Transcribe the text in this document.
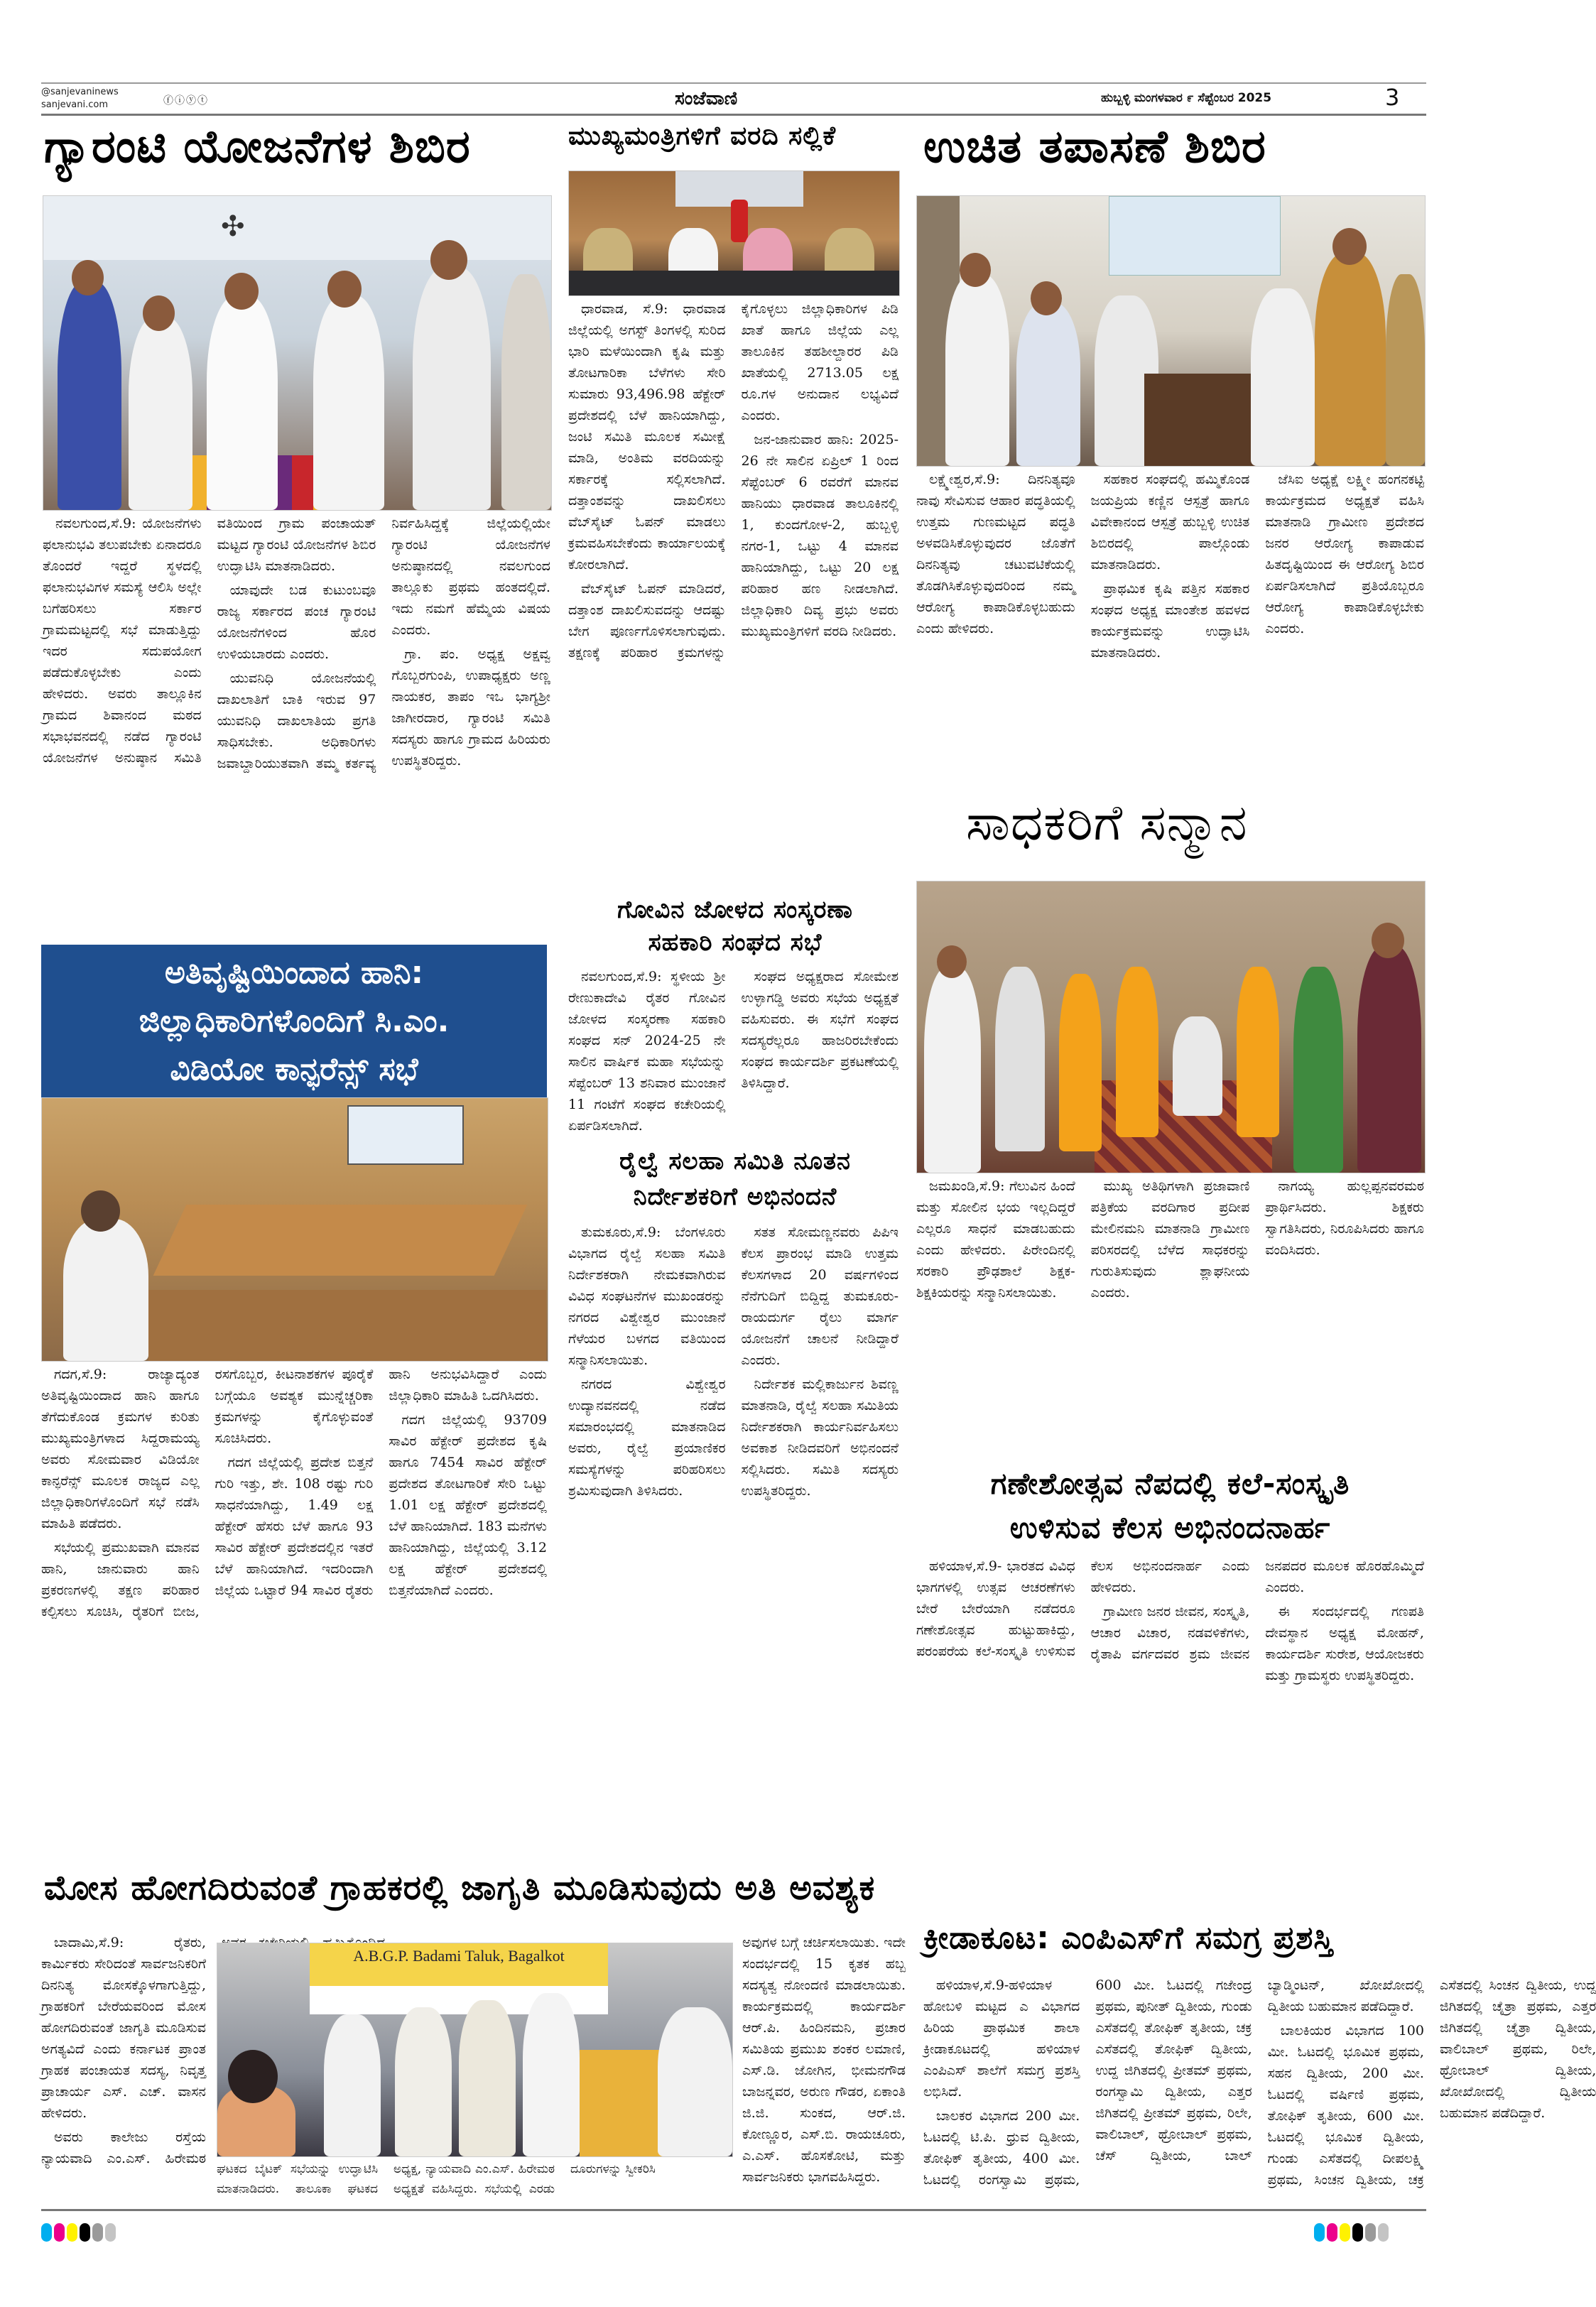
@sanjevaninews
sanjevani.com	ⓕⓘⓨⓣ	ಸಂಜೆವಾಣಿ	ಹುಬ್ಬಳ್ಳಿ ಮಂಗಳವಾರ ೯ ಸೆಪ್ಟೆಂಬರ 2025	3
ಗ್ಯಾರಂಟಿ ಯೋಜನೆಗಳ ಶಿಬಿರ
✣

ನವಲಗುಂದ,ಸೆ.9: ಯೋಜನೆಗಳು ಫಲಾನುಭವಿ ತಲುಪಬೇಕು ಏನಾದರೂ ತೊಂದರೆ ಇದ್ದರೆ ಸ್ಥಳದಲ್ಲಿ ಫಲಾನುಭವಿಗಳ ಸಮಸ್ಯೆ ಆಲಿಸಿ ಅಲ್ಲೇ ಬಗೆಹರಿಸಲು ಸರ್ಕಾರ ಗ್ರಾಮಮಟ್ಟದಲ್ಲಿ ಸಭೆ ಮಾಡುತ್ತಿದ್ದು ಇದರ ಸದುಪಯೋಗ ಪಡೆದುಕೊಳ್ಳಬೇಕು ಎಂದು ಹೇಳಿದರು. ಅವರು ತಾಲ್ಲೂಕಿನ ಗ್ರಾಮದ ಶಿವಾನಂದ ಮಠದ ಸಭಾಭವನದಲ್ಲಿ ನಡೆದ ಗ್ಯಾರಂಟಿ ಯೋಜನೆಗಳ ಅನುಷ್ಠಾನ ಸಮಿತಿ ವತಿಯಿಂದ ಗ್ರಾಮ ಪಂಚಾಯತ್ ಮಟ್ಟದ ಗ್ಯಾರಂಟಿ ಯೋಜನೆಗಳ ಶಿಬಿರ ಉದ್ಘಾಟಿಸಿ ಮಾತನಾಡಿದರು.

ಯಾವುದೇ ಬಡ ಕುಟುಂಬವೂ ರಾಜ್ಯ ಸರ್ಕಾರದ ಪಂಚ ಗ್ಯಾರಂಟಿ ಯೋಜನೆಗಳಿಂದ ಹೊರ ಉಳಿಯಬಾರದು ಎಂದರು.

ಯುವನಿಧಿ ಯೋಜನೆಯಲ್ಲಿ ದಾಖಲಾತಿಗೆ ಬಾಕಿ ಇರುವ 97 ಯುವನಿಧಿ ದಾಖಲಾತಿಯ ಪ್ರಗತಿ ಸಾಧಿಸಬೇಕು. ಅಧಿಕಾರಿಗಳು ಜವಾಬ್ದಾರಿಯುತವಾಗಿ ತಮ್ಮ ಕರ್ತವ್ಯ ನಿರ್ವಹಿಸಿದ್ದಕ್ಕೆ ಜಿಲ್ಲೆಯಲ್ಲಿಯೇ ಗ್ಯಾರಂಟಿ ಯೋಜನೆಗಳ ಅನುಷ್ಠಾನದಲ್ಲಿ ನವಲಗುಂದ ತಾಲ್ಲೂಕು ಪ್ರಥಮ ಹಂತದಲ್ಲಿದೆ. ಇದು ನಮಗೆ ಹೆಮ್ಮೆಯ ವಿಷಯ ಎಂದರು.

ಗ್ರಾ. ಪಂ. ಅಧ್ಯಕ್ಷ ಅಕ್ಷವ್ವ ಗೊಬ್ಬರಗುಂಪಿ, ಉಪಾಧ್ಯಕ್ಷರು ಅಣ್ಣ ನಾಯಕರ, ತಾಪಂ ಇಒ ಭಾಗ್ಯಶ್ರೀ ಜಾಗೀರದಾರ, ಗ್ಯಾರಂಟಿ ಸಮಿತಿ ಸದಸ್ಯರು ಹಾಗೂ ಗ್ರಾಮದ ಹಿರಿಯರು ಉಪಸ್ಥಿತರಿದ್ದರು.

ಮುಖ್ಯಮಂತ್ರಿಗಳಿಗೆ ವರದಿ ಸಲ್ಲಿಕೆ

ಧಾರವಾಡ, ಸೆ.9: ಧಾರವಾಡ ಜಿಲ್ಲೆಯಲ್ಲಿ ಅಗಸ್ಟ್ ತಿಂಗಳಲ್ಲಿ ಸುರಿದ ಭಾರಿ ಮಳೆಯಿಂದಾಗಿ ಕೃಷಿ ಮತ್ತು ತೋಟಗಾರಿಕಾ ಬೆಳೆಗಳು ಸೇರಿ ಸುಮಾರು 93,496.98 ಹೆಕ್ಟೇರ್ ಪ್ರದೇಶದಲ್ಲಿ ಬೆಳೆ ಹಾನಿಯಾಗಿದ್ದು, ಜಂಟಿ ಸಮಿತಿ ಮೂಲಕ ಸಮೀಕ್ಷೆ ಮಾಡಿ, ಅಂತಿಮ ವರದಿಯನ್ನು ಸರ್ಕಾರಕ್ಕೆ ಸಲ್ಲಿಸಲಾಗಿದೆ. ದತ್ತಾಂಶವನ್ನು ದಾಖಲಿಸಲು ವೆಬ್‌ಸೈಟ್ ಓಪನ್ ಮಾಡಲು ಕ್ರಮವಹಿಸಬೇಕೆಂದು ಕಾರ್ಯಾಲಯಕ್ಕೆ ಕೋರಲಾಗಿದೆ.

ವೆಬ್‌ಸೈಟ್ ಓಪನ್ ಮಾಡಿದರೆ, ದತ್ತಾಂಶ ದಾಖಲಿಸುವದನ್ನು ಆದಷ್ಟು ಬೇಗ ಪೂರ್ಣಗೊಳಿಸಲಾಗುವುದು. ತಕ್ಷಣಕ್ಕೆ ಪರಿಹಾರ ಕ್ರಮಗಳನ್ನು ಕೈಗೊಳ್ಳಲು ಜಿಲ್ಲಾಧಿಕಾರಿಗಳ ಪಿಡಿ ಖಾತೆ ಹಾಗೂ ಜಿಲ್ಲೆಯ ಎಲ್ಲ ತಾಲೂಕಿನ ತಹಶೀಲ್ದಾರರ ಪಿಡಿ ಖಾತೆಯಲ್ಲಿ 2713.05 ಲಕ್ಷ ರೂ.ಗಳ ಅನುದಾನ ಲಭ್ಯವಿದೆ ಎಂದರು.

ಜನ-ಜಾನುವಾರ ಹಾನಿ: 2025-26 ನೇ ಸಾಲಿನ ಏಪ್ರಿಲ್ 1 ರಿಂದ ಸೆಪ್ಟೆಂಬರ್ 6 ರವರೆಗೆ ಮಾನವ ಹಾನಿಯು ಧಾರವಾಡ ತಾಲೂಕಿನಲ್ಲಿ 1, ಕುಂದಗೋಳ-2, ಹುಬ್ಬಳ್ಳಿ ನಗರ-1, ಒಟ್ಟು 4 ಮಾನವ ಹಾನಿಯಾಗಿದ್ದು, ಒಟ್ಟು 20 ಲಕ್ಷ ಪರಿಹಾರ ಹಣ ನೀಡಲಾಗಿದೆ. ಜಿಲ್ಲಾಧಿಕಾರಿ ದಿವ್ಯ ಪ್ರಭು ಅವರು ಮುಖ್ಯಮಂತ್ರಿಗಳಿಗೆ ವರದಿ ನೀಡಿದರು.

ಉಚಿತ ತಪಾಸಣೆ ಶಿಬಿರ

ಲಕ್ಷ್ಮೇಶ್ವರ,ಸೆ.9: ದಿನನಿತ್ಯವೂ ನಾವು ಸೇವಿಸುವ ಆಹಾರ ಪದ್ಧತಿಯಲ್ಲಿ ಉತ್ತಮ ಗುಣಮಟ್ಟದ ಪದ್ಧತಿ ಅಳವಡಿಸಿಕೊಳ್ಳುವುದರ ಜೊತೆಗೆ ದಿನನಿತ್ಯವು ಚಟುವಟಿಕೆಯಲ್ಲಿ ತೊಡಗಿಸಿಕೊಳ್ಳುವುದರಿಂದ ನಮ್ಮ ಆರೋಗ್ಯ ಕಾಪಾಡಿಕೊಳ್ಳಬಹುದು ಎಂದು ಹೇಳಿದರು.

ಸಹಕಾರ ಸಂಘದಲ್ಲಿ ಹಮ್ಮಿಕೊಂಡ ಜಯಪ್ರಿಯ ಕಣ್ಣಿನ ಆಸ್ಪತ್ರೆ ಹಾಗೂ ವಿವೇಕಾನಂದ ಆಸ್ಪತ್ರೆ ಹುಬ್ಬಳ್ಳಿ ಉಚಿತ ಶಿಬಿರದಲ್ಲಿ ಪಾಲ್ಗೊಂಡು ಮಾತನಾಡಿದರು.

ಪ್ರಾಥಮಿಕ ಕೃಷಿ ಪತ್ತಿನ ಸಹಕಾರ ಸಂಘದ ಅಧ್ಯಕ್ಷ ಮಾಂತೇಶ ಹವಳದ ಕಾರ್ಯಕ್ರಮವನ್ನು ಉದ್ಘಾಟಿಸಿ ಮಾತನಾಡಿದರು.

ಜೆಸಿಐ ಅಧ್ಯಕ್ಷೆ ಲಕ್ಷ್ಮೀ ಹಂಗನಕಟ್ಟಿ ಕಾರ್ಯಕ್ರಮದ ಅಧ್ಯಕ್ಷತೆ ವಹಿಸಿ ಮಾತನಾಡಿ ಗ್ರಾಮೀಣ ಪ್ರದೇಶದ ಜನರ ಆರೋಗ್ಯ ಕಾಪಾಡುವ ಹಿತದೃಷ್ಟಿಯಿಂದ ಈ ಆರೋಗ್ಯ ಶಿಬಿರ ಏರ್ಪಡಿಸಲಾಗಿದೆ ಪ್ರತಿಯೊಬ್ಬರೂ ಆರೋಗ್ಯ ಕಾಪಾಡಿಕೊಳ್ಳಬೇಕು ಎಂದರು.

ಸಾಧಕರಿಗೆ ಸನ್ಮಾನ

ಜಮಖಂಡಿ,ಸೆ.9: ಗೆಲುವಿನ ಹಿಂದೆ ಮತ್ತು ಸೋಲಿನ ಭಯ ಇಲ್ಲದಿದ್ದರೆ ಎಲ್ಲರೂ ಸಾಧನೆ ಮಾಡಬಹುದು ಎಂದು ಹೇಳಿದರು. ಪಿರೇಂದಿನಲ್ಲಿ ಸರಕಾರಿ ಪ್ರೌಢಶಾಲೆ ಶಿಕ್ಷಕ-ಶಿಕ್ಷಕಿಯರನ್ನು ಸನ್ಮಾನಿಸಲಾಯಿತು.

ಮುಖ್ಯ ಅತಿಥಿಗಳಾಗಿ ಪ್ರಜಾವಾಣಿ ಪತ್ರಿಕೆಯ ವರದಿಗಾರ ಪ್ರದೀಪ ಮೇಲಿನಮನಿ ಮಾತನಾಡಿ ಗ್ರಾಮೀಣ ಪರಿಸರದಲ್ಲಿ ಬೆಳೆದ ಸಾಧಕರನ್ನು ಗುರುತಿಸುವುದು ಶ್ಲಾಘನೀಯ ಎಂದರು.

ನಾಗಯ್ಯ ಹುಲ್ಲಪ್ಪನವರಮಠ ಪ್ರಾರ್ಥಿಸಿದರು. ಶಿಕ್ಷಕರು ಸ್ವಾಗತಿಸಿದರು, ನಿರೂಪಿಸಿದರು ಹಾಗೂ ವಂದಿಸಿದರು.

ಅತಿವೃಷ್ಟಿಯಿಂದಾದ ಹಾನಿ:
ಜಿಲ್ಲಾಧಿಕಾರಿಗಳೊಂದಿಗೆ ಸಿ.ಎಂ.
ವಿಡಿಯೋ ಕಾನ್ಫರೆನ್ಸ್ ಸಭೆ

ಗದಗ,ಸೆ.9: ರಾಜ್ಯಾದ್ಯಂತ ಅತಿವೃಷ್ಟಿಯಿಂದಾದ ಹಾನಿ ಹಾಗೂ ತೆಗೆದುಕೊಂಡ ಕ್ರಮಗಳ ಕುರಿತು ಮುಖ್ಯಮಂತ್ರಿಗಳಾದ ಸಿದ್ದರಾಮಯ್ಯ ಅವರು ಸೋಮವಾರ ವಿಡಿಯೋ ಕಾನ್ಫರೆನ್ಸ್ ಮೂಲಕ ರಾಜ್ಯದ ಎಲ್ಲ ಜಿಲ್ಲಾಧಿಕಾರಿಗಳೊಂದಿಗೆ ಸಭೆ ನಡೆಸಿ ಮಾಹಿತಿ ಪಡೆದರು.

ಸಭೆಯಲ್ಲಿ ಪ್ರಮುಖವಾಗಿ ಮಾನವ ಹಾನಿ, ಜಾನುವಾರು ಹಾನಿ ಪ್ರಕರಣಗಳಲ್ಲಿ ತಕ್ಷಣ ಪರಿಹಾರ ಕಲ್ಪಿಸಲು ಸೂಚಿಸಿ, ರೈತರಿಗೆ ಬೀಜ, ರಸಗೊಬ್ಬರ, ಕೀಟನಾಶಕಗಳ ಪೂರೈಕೆ ಬಗ್ಗೆಯೂ ಅವಶ್ಯಕ ಮುನ್ನೆಚ್ಚರಿಕಾ ಕ್ರಮಗಳನ್ನು ಕೈಗೊಳ್ಳುವಂತೆ ಸೂಚಿಸಿದರು.

ಗದಗ ಜಿಲ್ಲೆಯಲ್ಲಿ ಪ್ರದೇಶ ಬಿತ್ತನೆ ಗುರಿ ಇತ್ತು, ಶೇ. 108 ರಷ್ಟು ಗುರಿ ಸಾಧನೆಯಾಗಿದ್ದು, 1.49 ಲಕ್ಷ ಹೆಕ್ಟೇರ್ ಹೆಸರು ಬೆಳೆ ಹಾಗೂ 93 ಸಾವಿರ ಹೆಕ್ಟೇರ್ ಪ್ರದೇಶದಲ್ಲಿನ ಇತರೆ ಬೆಳೆ ಹಾನಿಯಾಗಿದೆ. ಇದರಿಂದಾಗಿ ಜಿಲ್ಲೆಯ ಒಟ್ಟಾರೆ 94 ಸಾವಿರ ರೈತರು ಹಾನಿ ಅನುಭವಿಸಿದ್ದಾರೆ ಎಂದು ಜಿಲ್ಲಾಧಿಕಾರಿ ಮಾಹಿತಿ ಒದಗಿಸಿದರು.

ಗದಗ ಜಿಲ್ಲೆಯಲ್ಲಿ 93709 ಸಾವಿರ ಹೆಕ್ಟೇರ್ ಪ್ರದೇಶದ ಕೃಷಿ ಹಾಗೂ 7454 ಸಾವಿರ ಹೆಕ್ಟೇರ್ ಪ್ರದೇಶದ ತೋಟಗಾರಿಕೆ ಸೇರಿ ಒಟ್ಟು 1.01 ಲಕ್ಷ ಹೆಕ್ಟೇರ್ ಪ್ರದೇಶದಲ್ಲಿ ಬೆಳೆ ಹಾನಿಯಾಗಿದೆ. 183 ಮನೆಗಳು ಹಾನಿಯಾಗಿದ್ದು, ಜಿಲ್ಲೆಯಲ್ಲಿ 3.12 ಲಕ್ಷ ಹೆಕ್ಟೇರ್ ಪ್ರದೇಶದಲ್ಲಿ ಬಿತ್ತನೆಯಾಗಿದೆ ಎಂದರು.

ಗೋವಿನ ಜೋಳದ ಸಂಸ್ಕರಣಾ
ಸಹಕಾರಿ ಸಂಘದ ಸಭೆ

ನವಲಗುಂದ,ಸೆ.9: ಸ್ಥಳೀಯ ಶ್ರೀ ರೇಣುಕಾದೇವಿ ರೈತರ ಗೋವಿನ ಜೋಳದ ಸಂಸ್ಕರಣಾ ಸಹಕಾರಿ ಸಂಘದ ಸನ್ 2024-25 ನೇ ಸಾಲಿನ ವಾರ್ಷಿಕ ಮಹಾ ಸಭೆಯನ್ನು ಸೆಪ್ಟೆಂಬರ್ 13 ಶನಿವಾರ ಮುಂಜಾನೆ 11 ಗಂಟೆಗೆ ಸಂಘದ ಕಚೇರಿಯಲ್ಲಿ ಏರ್ಪಡಿಸಲಾಗಿದೆ.

ಸಂಘದ ಅಧ್ಯಕ್ಷರಾದ ಸೋಮೇಶ ಉಳ್ಳಾಗಡ್ಡಿ ಅವರು ಸಭೆಯ ಅಧ್ಯಕ್ಷತೆ ವಹಿಸುವರು. ಈ ಸಭೆಗೆ ಸಂಘದ ಸದಸ್ಯರೆಲ್ಲರೂ ಹಾಜರಿರಬೇಕೆಂದು ಸಂಘದ ಕಾರ್ಯದರ್ಶಿ ಪ್ರಕಟಣೆಯಲ್ಲಿ ತಿಳಿಸಿದ್ದಾರೆ.

ರೈಲ್ವೆ ಸಲಹಾ ಸಮಿತಿ ನೂತನ
ನಿರ್ದೇಶಕರಿಗೆ ಅಭಿನಂದನೆ

ತುಮಕೂರು,ಸೆ.9: ಬೆಂಗಳೂರು ವಿಭಾಗದ ರೈಲ್ವೆ ಸಲಹಾ ಸಮಿತಿ ನಿರ್ದೇಶಕರಾಗಿ ನೇಮಕವಾಗಿರುವ ವಿವಿಧ ಸಂಘಟನೆಗಳ ಮುಖಂಡರನ್ನು ನಗರದ ವಿಶ್ವೇಶ್ವರ ಮುಂಜಾನೆ ಗೆಳೆಯರ ಬಳಗದ ವತಿಯಿಂದ ಸನ್ಮಾನಿಸಲಾಯಿತು.

ನಗರದ ವಿಶ್ವೇಶ್ವರ ಉದ್ಯಾನವನದಲ್ಲಿ ನಡೆದ ಸಮಾರಂಭದಲ್ಲಿ ಮಾತನಾಡಿದ ಅವರು, ರೈಲ್ವೆ ಪ್ರಯಾಣಿಕರ ಸಮಸ್ಯೆಗಳನ್ನು ಪರಿಹರಿಸಲು ಶ್ರಮಿಸುವುದಾಗಿ ತಿಳಿಸಿದರು.

ಸತತ ಸೋಮಣ್ಣನವರು ಪಿಪಿಇ ಕೆಲಸ ಪ್ರಾರಂಭ ಮಾಡಿ ಉತ್ತಮ ಕೆಲಸಗಳಾದ 20 ವರ್ಷಗಳಿಂದ ನೆನೆಗುದಿಗೆ ಬಿದ್ದಿದ್ದ ತುಮಕೂರು-ರಾಯದುರ್ಗ ರೈಲು ಮಾರ್ಗ ಯೋಜನೆಗೆ ಚಾಲನೆ ನೀಡಿದ್ದಾರೆ ಎಂದರು.

ನಿರ್ದೇಶಕ ಮಲ್ಲಿಕಾರ್ಜುನ ಶಿವಣ್ಣ ಮಾತನಾಡಿ, ರೈಲ್ವೆ ಸಲಹಾ ಸಮಿತಿಯ ನಿರ್ದೇಶಕರಾಗಿ ಕಾರ್ಯನಿರ್ವಹಿಸಲು ಅವಕಾಶ ನೀಡಿದವರಿಗೆ ಅಭಿನಂದನೆ ಸಲ್ಲಿಸಿದರು. ಸಮಿತಿ ಸದಸ್ಯರು ಉಪಸ್ಥಿತರಿದ್ದರು.	ಗಣೇಶೋತ್ಸವ ನೆಪದಲ್ಲಿ ಕಲೆ-ಸಂಸ್ಕೃತಿ
ಉಳಿಸುವ ಕೆಲಸ ಅಭಿನಂದನಾರ್ಹ

ಹಳಿಯಾಳ,ಸೆ.9- ಭಾರತದ ವಿವಿಧ ಭಾಗಗಳಲ್ಲಿ ಉತ್ಸವ ಆಚರಣೆಗಳು ಬೇರೆ ಬೇರೆಯಾಗಿ ನಡೆದರೂ ಗಣೇಶೋತ್ಸವ ಹುಟ್ಟುಹಾಕಿದ್ದು, ಪರಂಪರೆಯ ಕಲೆ-ಸಂಸ್ಕೃತಿ ಉಳಿಸುವ ಕೆಲಸ ಅಭಿನಂದನಾರ್ಹ ಎಂದು ಹೇಳಿದರು.

ಗ್ರಾಮೀಣ ಜನರ ಜೀವನ, ಸಂಸ್ಕೃತಿ, ಆಚಾರ ವಿಚಾರ, ನಡವಳಿಕೆಗಳು, ರೈತಾಪಿ ವರ್ಗದವರ ಶ್ರಮ ಜೀವನ ಜನಪದರ ಮೂಲಕ ಹೊರಹೊಮ್ಮಿದೆ ಎಂದರು.

ಈ ಸಂದರ್ಭದಲ್ಲಿ ಗಣಪತಿ ದೇವಸ್ಥಾನ ಅಧ್ಯಕ್ಷ ಮೋಹನ್, ಕಾರ್ಯದರ್ಶಿ ಸುರೇಶ, ಆಯೋಜಕರು ಮತ್ತು ಗ್ರಾಮಸ್ಥರು ಉಪಸ್ಥಿತರಿದ್ದರು.

ಮೋಸ ಹೋಗದಿರುವಂತೆ ಗ್ರಾಹಕರಲ್ಲಿ ಜಾಗೃತಿ ಮೂಡಿಸುವುದು ಅತಿ ಅವಶ್ಯಕ

ಬಾದಾಮಿ,ಸೆ.9: ರೈತರು, ಕಾರ್ಮಿಕರು ಸೇರಿದಂತೆ ಸಾರ್ವಜನಿಕರಿಗೆ ದಿನನಿತ್ಯ ಮೋಸಕ್ಕೊಳಗಾಗುತ್ತಿದ್ದು, ಗ್ರಾಹಕರಿಗೆ ಬೇರೆಯವರಿಂದ ಮೋಸ ಹೋಗದಿರುವಂತೆ ಜಾಗೃತಿ ಮೂಡಿಸುವ ಅಗತ್ಯವಿದೆ ಎಂದು ಕರ್ನಾಟಕ ಪ್ರಾಂತ ಗ್ರಾಹಕ ಪಂಚಾಯತ ಸದಸ್ಯ, ನಿವೃತ್ತ ಪ್ರಾಚಾರ್ಯ ಎಸ್. ಎಚ್. ವಾಸನ ಹೇಳಿದರು.

ಅವರು ಕಾಲೇಜು ರಸ್ತೆಯ ನ್ಯಾಯವಾದಿ ಎಂ.ಎಸ್. ಹಿರೇಮಠ

A.B.G.P. Badami Taluk, Bagalkot

ಘಟಕದ ಬೈಟಕ್ ಸಭೆಯನ್ನು ಉದ್ಘಾಟಿಸಿ ಮಾತನಾಡಿದರು. ತಾಲೂಕಾ ಘಟಕದ ಅಧ್ಯಕ್ಷ, ನ್ಯಾಯವಾದಿ ಎಂ.ಎಸ್. ಹಿರೇಮಠ ಅಧ್ಯಕ್ಷತೆ ವಹಿಸಿದ್ದರು. ಸಭೆಯಲ್ಲಿ ಎರಡು ದೂರುಗಳನ್ನು ಸ್ವೀಕರಿಸಿ

ಅವುಗಳ ಬಗ್ಗೆ ಚರ್ಚಿಸಲಾಯಿತು. ಇದೇ ಸಂದರ್ಭದಲ್ಲಿ 15 ಕೃತಕ ಹಬ್ಬ ಸದಸ್ಯತ್ವ ನೋಂದಣಿ ಮಾಡಲಾಯಿತು. ಕಾರ್ಯಕ್ರಮದಲ್ಲಿ ಕಾರ್ಯದರ್ಶಿ ಆರ್.ಪಿ. ಹಿಂದಿನಮನಿ, ಪ್ರಚಾರ ಸಮಿತಿಯ ಪ್ರಮುಖ ಶಂಕರ ಲಮಾಣಿ, ಎಸ್.ಡಿ. ಜೋಗಿನ, ಭೀಮನಗೌಡ ಬಾಜನ್ನವರ, ಅರುಣ ಗೌಡರ, ಏಕಾಂತಿ ಜಿ.ಜಿ. ಸುಂಕದ, ಆರ್.ಜಿ. ಕೋಣ್ಣೂರ, ಎಸ್.ಬಿ. ರಾಯಚೂರು, ಎ.ಎಸ್. ಹೊಸಕೋಟಿ, ಮತ್ತು ಸಾರ್ವಜನಿಕರು ಭಾಗವಹಿಸಿದ್ದರು.

ಕ್ರೀಡಾಕೂಟ: ಎಂಪಿಎಸ್‌ಗೆ ಸಮಗ್ರ ಪ್ರಶಸ್ತಿ

ಹಳಿಯಾಳ,ಸೆ.9-ಹಳಿಯಾಳ ಹೋಬಳಿ ಮಟ್ಟದ ಎ ವಿಭಾಗದ ಹಿರಿಯ ಪ್ರಾಥಮಿಕ ಶಾಲಾ ಕ್ರೀಡಾಕೂಟದಲ್ಲಿ ಹಳಿಯಾಳ ಎಂಪಿಎಸ್ ಶಾಲೆಗೆ ಸಮಗ್ರ ಪ್ರಶಸ್ತಿ ಲಭಿಸಿದೆ.

ಬಾಲಕರ ವಿಭಾಗದ 200 ಮೀ. ಓಟದಲ್ಲಿ ಟಿ.ಪಿ. ಧ್ರುವ ದ್ವಿತೀಯ, ತೋಫಿಕ್ ತೃತೀಯ, 400 ಮೀ. ಓಟದಲ್ಲಿ ರಂಗಸ್ವಾಮಿ ಪ್ರಥಮ, 600 ಮೀ. ಓಟದಲ್ಲಿ ಗಜೇಂದ್ರ ಪ್ರಥಮ, ಪುನೀತ್ ದ್ವಿತೀಯ, ಗುಂಡು ಎಸೆತದಲ್ಲಿ ತೋಫಿಕ್ ತೃತೀಯ, ಚಕ್ರ ಎಸೆತದಲ್ಲಿ ತೋಫಿಕ್ ದ್ವಿತೀಯ, ಉದ್ದ ಜಿಗಿತದಲ್ಲಿ ಪ್ರೀತಮ್ ಪ್ರಥಮ, ರಂಗಸ್ವಾಮಿ ದ್ವಿತೀಯ, ಎತ್ತರ ಜಿಗಿತದಲ್ಲಿ ಪ್ರೀತಮ್ ಪ್ರಥಮ, ರಿಲೇ, ವಾಲಿಬಾಲ್, ಥ್ರೋಬಾಲ್ ಪ್ರಥಮ, ಚೆಸ್ ದ್ವಿತೀಯ, ಬಾಲ್ ಬ್ಯಾಡ್ಮಿಂಟನ್, ಖೋಖೋದಲ್ಲಿ ದ್ವಿತೀಯ ಬಹುಮಾನ ಪಡೆದಿದ್ದಾರೆ.

ಬಾಲಕಿಯರ ವಿಭಾಗದ 100 ಮೀ. ಓಟದಲ್ಲಿ ಭೂಮಿಕ ಪ್ರಥಮ, ಸಹನ ದ್ವಿತೀಯ, 200 ಮೀ. ಓಟದಲ್ಲಿ ವರ್ಷಿಣಿ ಪ್ರಥಮ, ತೋಫಿಕ್ ತೃತೀಯ, 600 ಮೀ. ಓಟದಲ್ಲಿ ಭೂಮಿಕ ದ್ವಿತೀಯ, ಗುಂಡು ಎಸೆತದಲ್ಲಿ ದೀಪಲಕ್ಷ್ಮಿ ಪ್ರಥಮ, ಸಿಂಚನ ದ್ವಿತೀಯ, ಚಕ್ರ ಎಸೆತದಲ್ಲಿ ಸಿಂಚನ ದ್ವಿತೀಯ, ಉದ್ದ ಜಿಗಿತದಲ್ಲಿ ಚೈತ್ರಾ ಪ್ರಥಮ, ಎತ್ತರ ಜಿಗಿತದಲ್ಲಿ ಚೈತ್ರಾ ದ್ವಿತೀಯ, ವಾಲಿಬಾಲ್ ಪ್ರಥಮ, ರಿಲೇ, ಥ್ರೋಬಾಲ್ ದ್ವಿತೀಯ, ಖೋಖೋದಲ್ಲಿ ದ್ವಿತೀಯ ಬಹುಮಾನ ಪಡೆದಿದ್ದಾರೆ.
